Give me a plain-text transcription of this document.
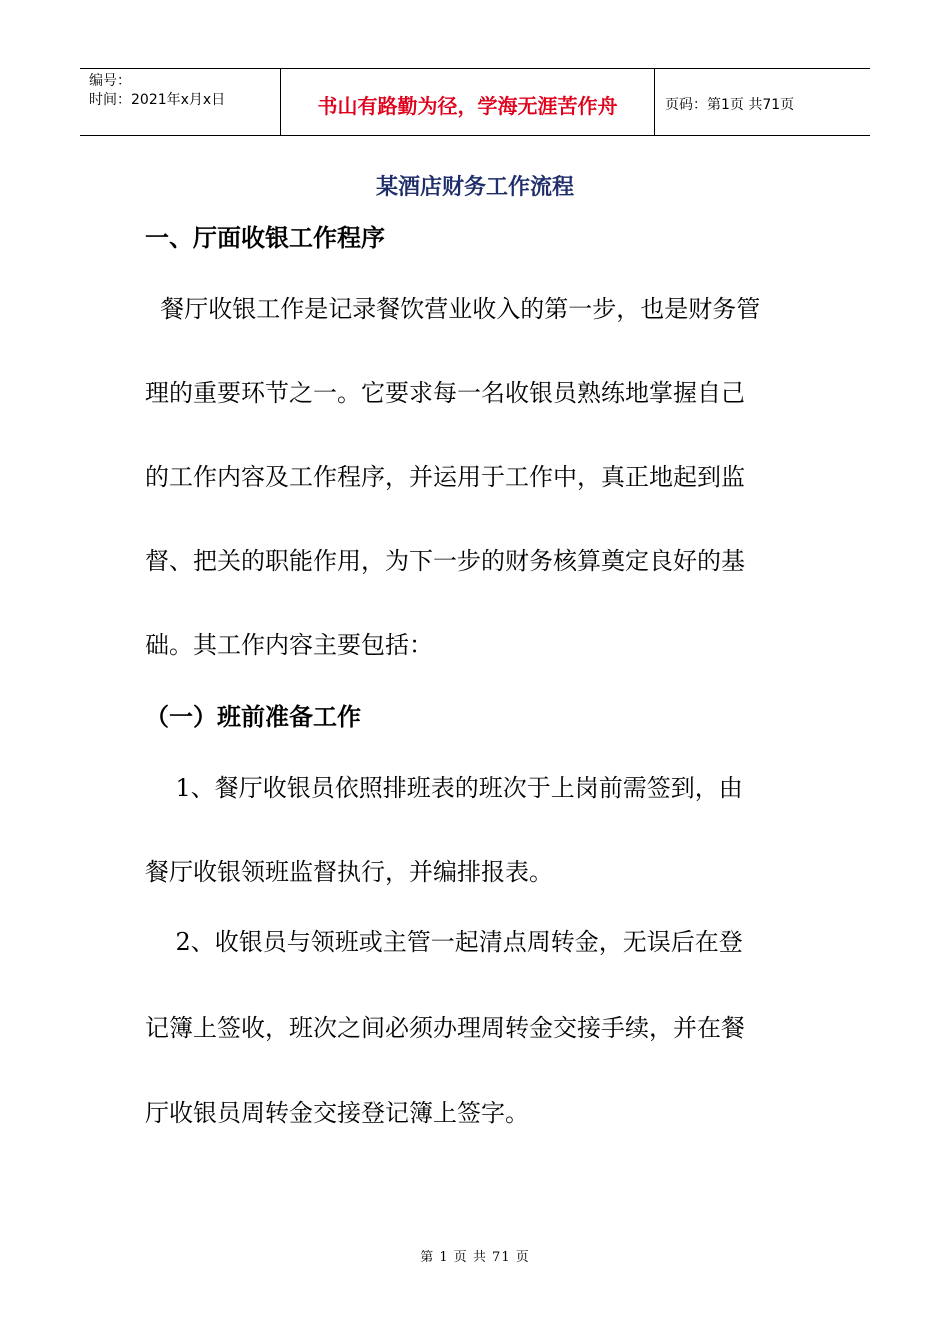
编号：
时间：2021年x月x日	书山有路勤为径，学海无涯苦作舟	页码：第1页 共71页
某酒店财务工作流程
一、厅面收银工作程序
餐厅收银工作是记录餐饮营业收入的第一步，也是财务管
理的重要环节之一。它要求每一名收银员熟练地掌握自己
的工作内容及工作程序，并运用于工作中，真正地起到监
督、把关的职能作用，为下一步的财务核算奠定良好的基
础。其工作内容主要包括：
（一）班前准备工作
1、餐厅收银员依照排班表的班次于上岗前需签到，由
餐厅收银领班监督执行，并编排报表。
2、收银员与领班或主管一起清点周转金，无误后在登
记簿上签收，班次之间必须办理周转金交接手续，并在餐
厅收银员周转金交接登记簿上签字。
第 1 页 共 71 页
